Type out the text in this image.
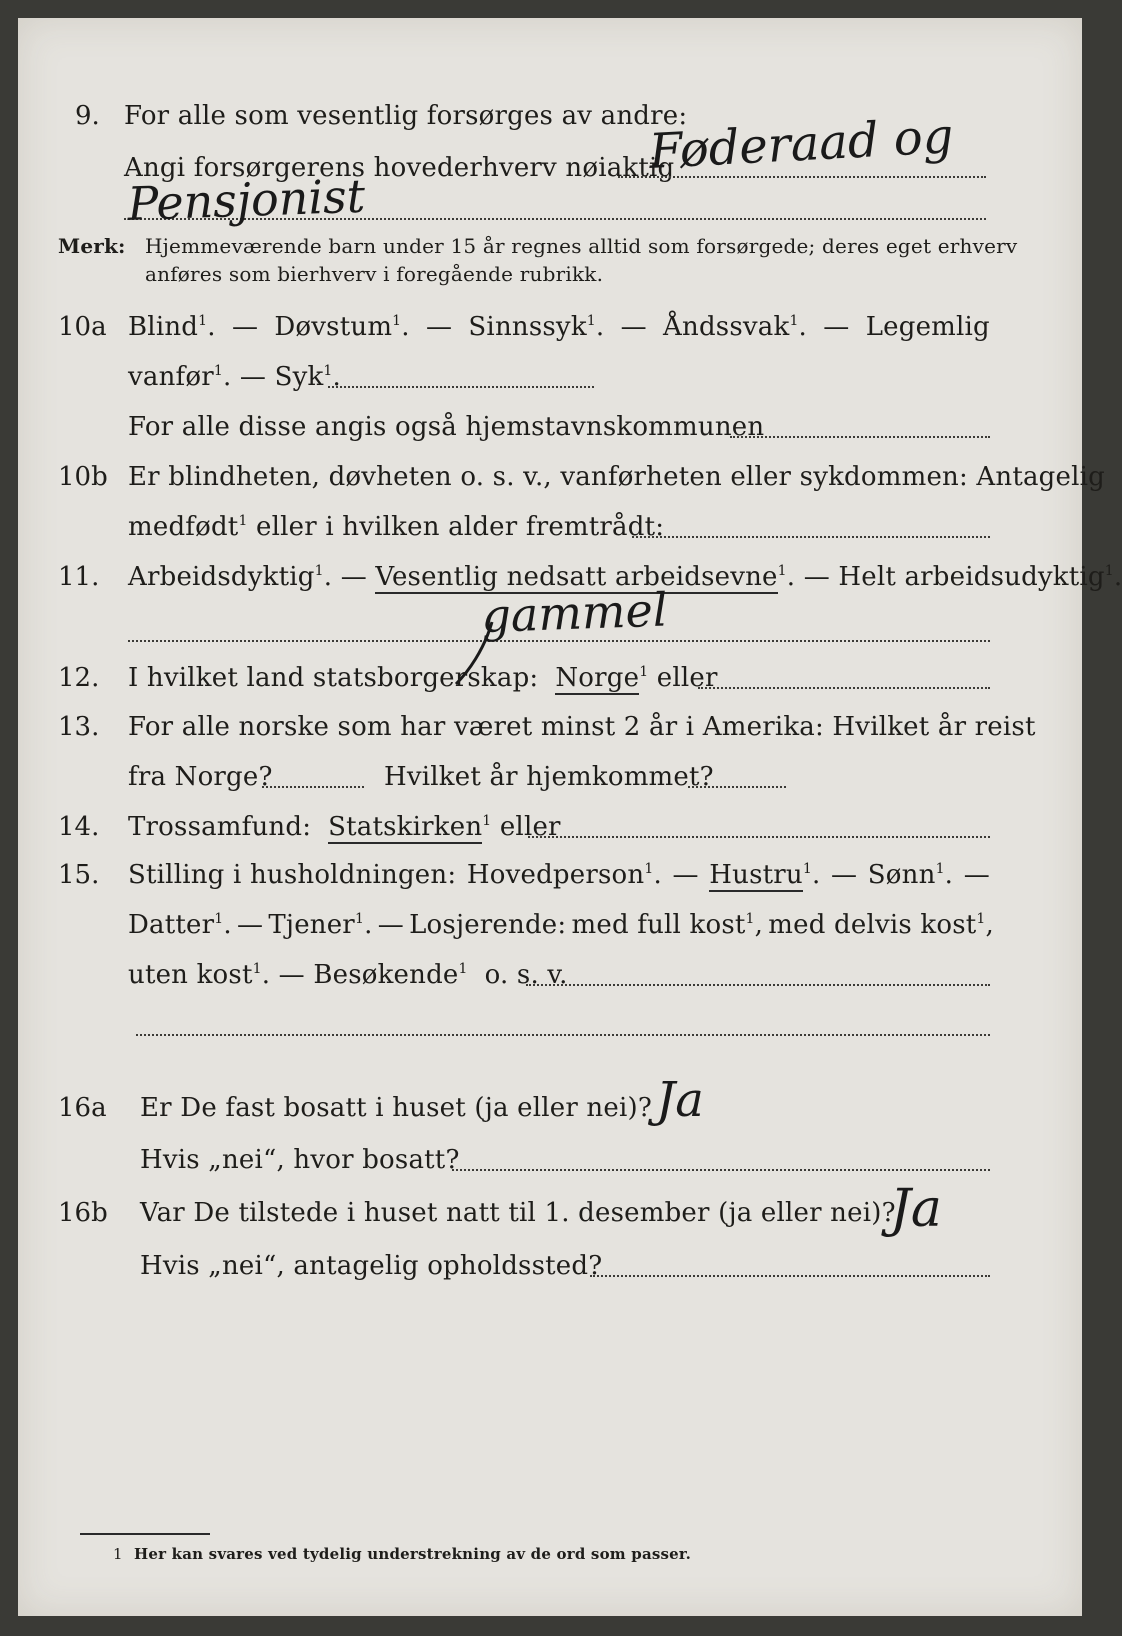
9. For alle som vesentlig forsørges av andre:
Angi forsørgerens hovederhverv nøiaktig
Føderaad og
Pensjonist
Merk: Hjemmeværende barn under 15 år regnes alltid som forsørgede; deres eget erhverv
anføres som bierhverv i foregående rubrikk.
10a Blind$^1$. — Døvstum$^1$. — Sinnssyk$^1$. — Åndssvak$^1$. — Legemlig
vanfør$^1$. — Syk$^1$.
For alle disse angis også hjemstavnskommunen
10b Er blindheten, døvheten o. s. v., vanførheten eller sykdommen: Antagelig
medfødt$^1$ eller i hvilken alder fremtrådt:
11. Arbeidsdyktig$^1$. — Vesentlig nedsatt arbeidsevne$^1$. — Helt arbeidsudyktig$^1$.
gammel
12. I hvilket land statsborgerskap: Norge$^1$ eller
13. For alle norske som har været minst 2 år i Amerika: Hvilket år reist
fra Norge?	Hvilket år hjemkommet?
14. Trossamfund: Statskirken$^1$ eller
15. Stilling i husholdningen: Hovedperson$^1$. — Hustru$^1$. — Sønn$^1$. —
Datter$^1$. — Tjener$^1$. — Losjerende: med full kost$^1$, med delvis kost$^1$,
uten kost$^1$. — Besøkende$^1$ o. s. v.
16a Er De fast bosatt i huset (ja eller nei)? Ja
Hvis „nei“, hvor bosatt?
16b Var De tilstede i huset natt til 1. desember (ja eller nei)?
Ja
Hvis „nei“, antagelig opholdssted?
1 Her kan svares ved tydelig understrekning av de ord som passer.
